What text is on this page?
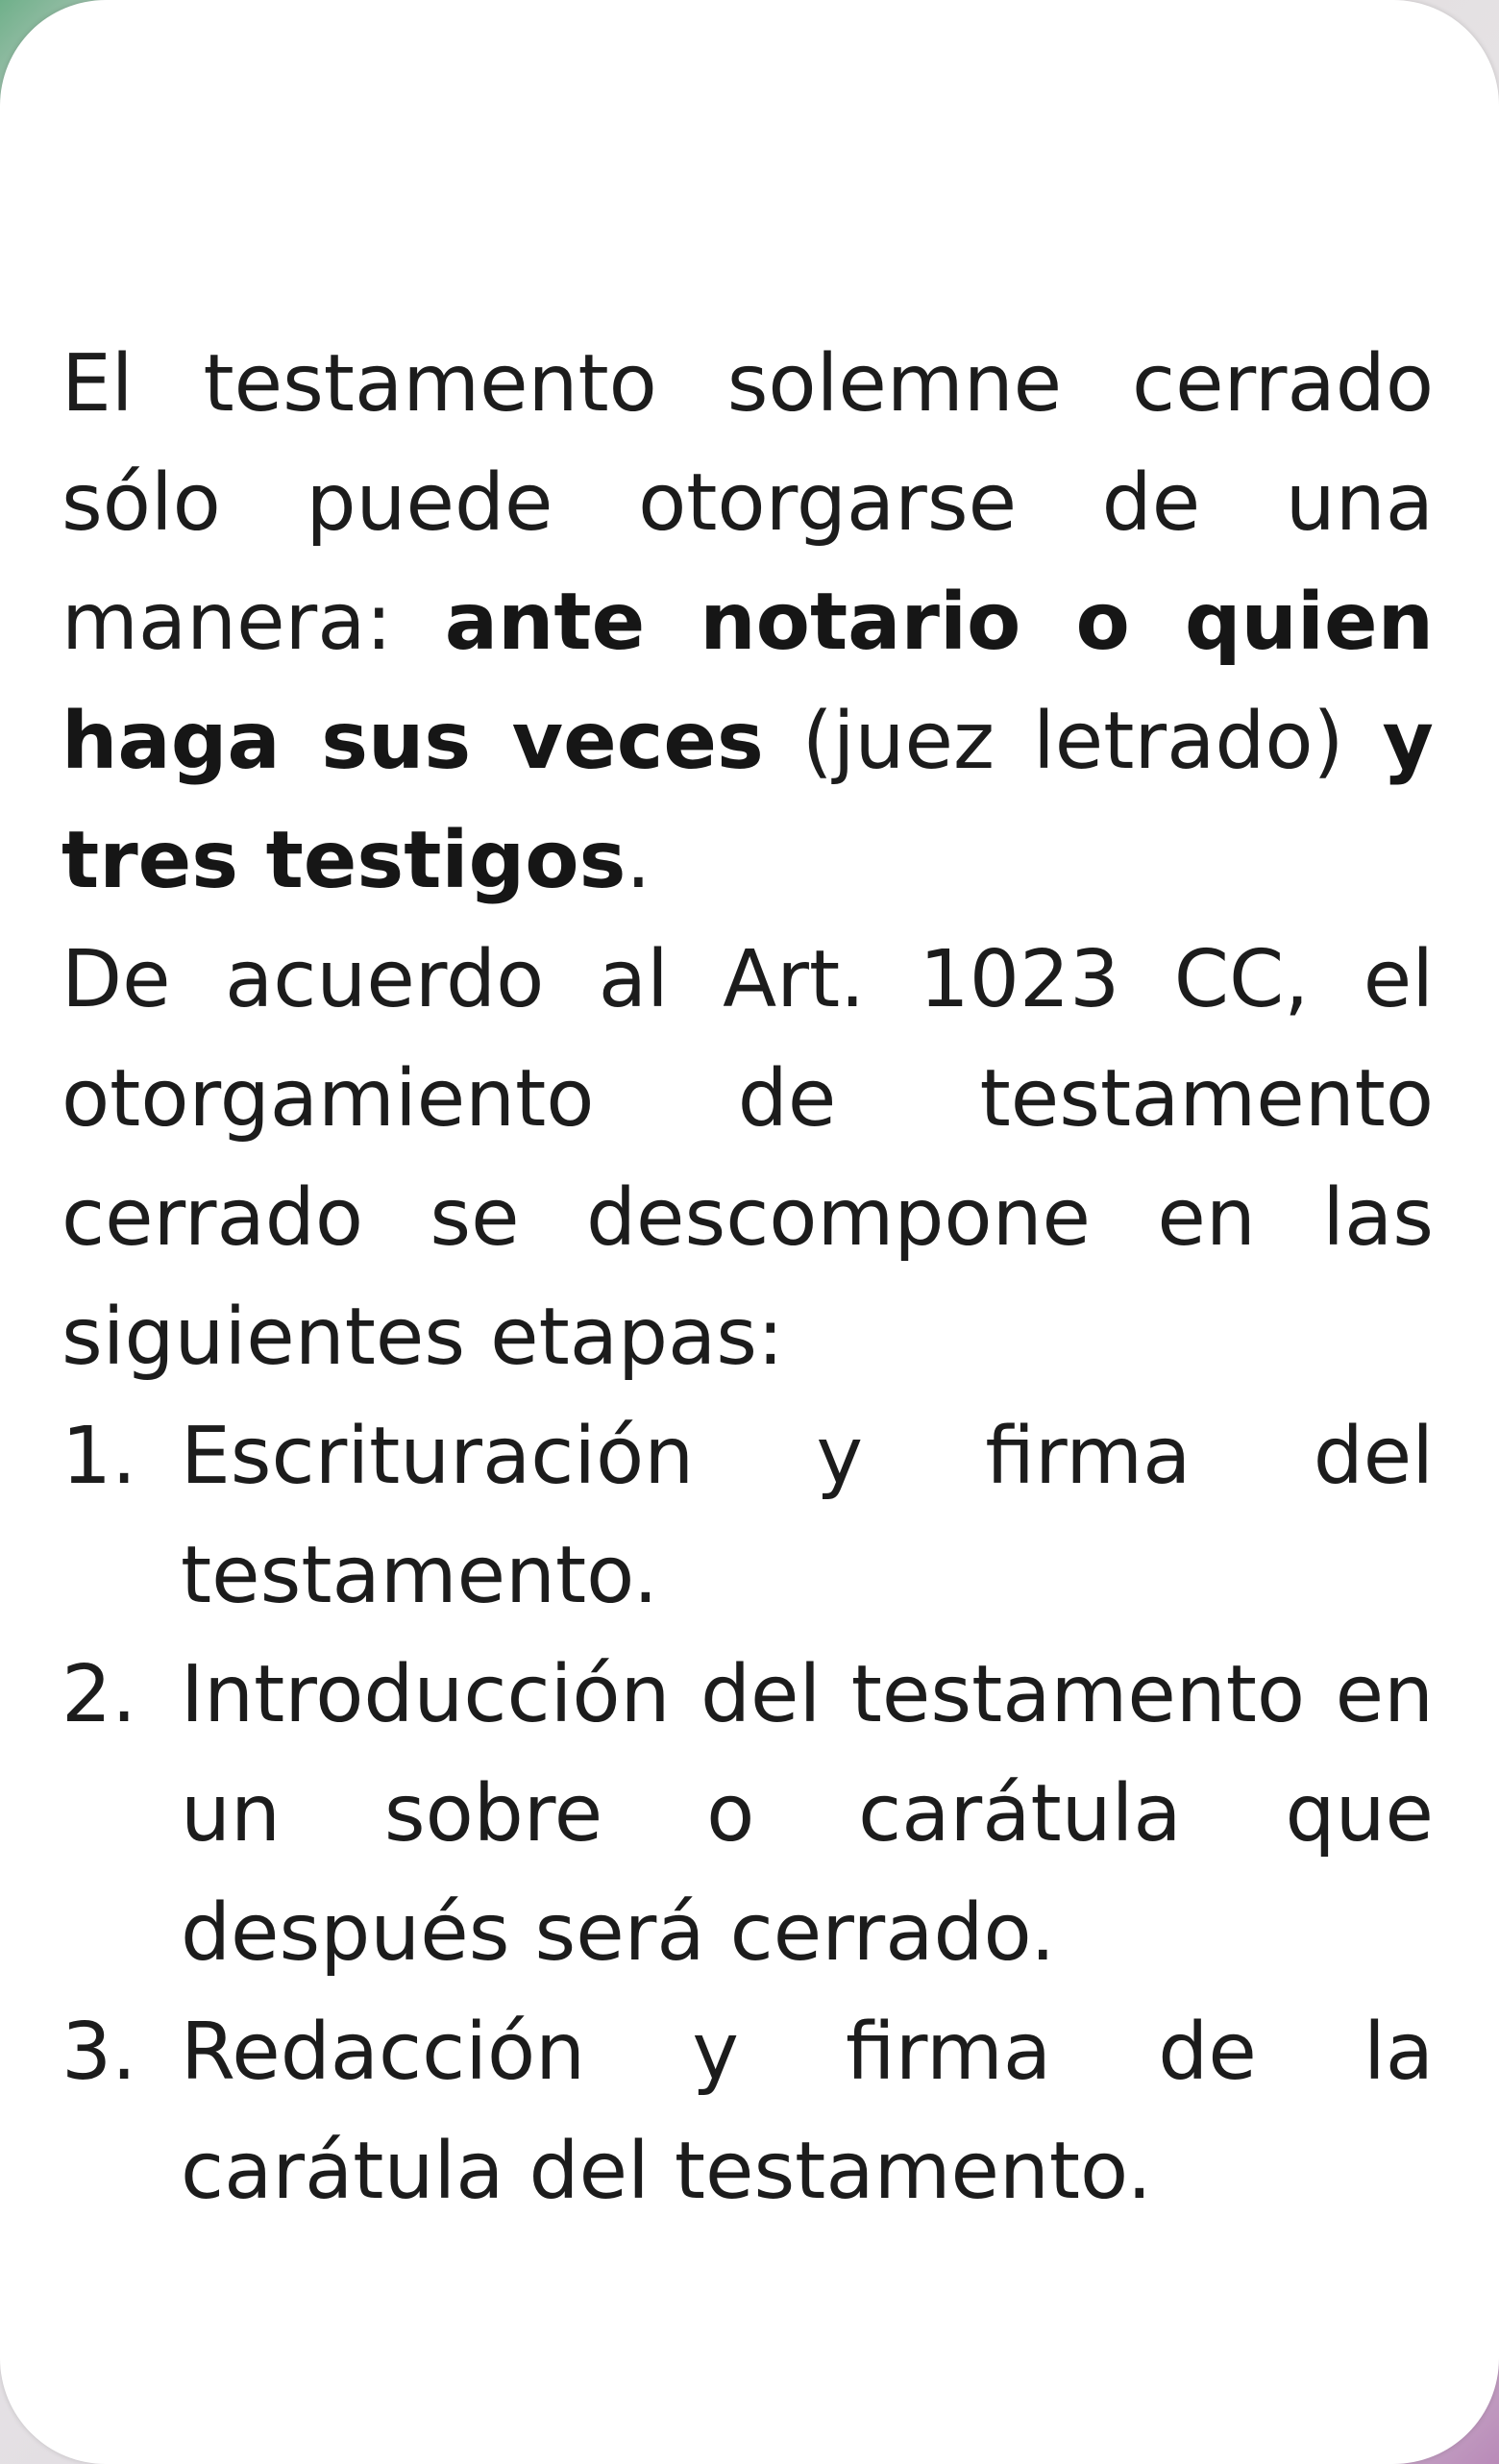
El testamento solemne cerrado sólo puede otorgarse de una manera: ante notario o quien haga sus veces (juez letrado) y tres testigos.

De acuerdo al Art. 1023 CC, el otorgamiento de testamento cerrado se descompone en las siguientes etapas:

1. Escrituración y firma del testamento.
2. Introducción del testamento en un sobre o carátula que después será cerrado.
3. Redacción y firma de la carátula del testamento.
